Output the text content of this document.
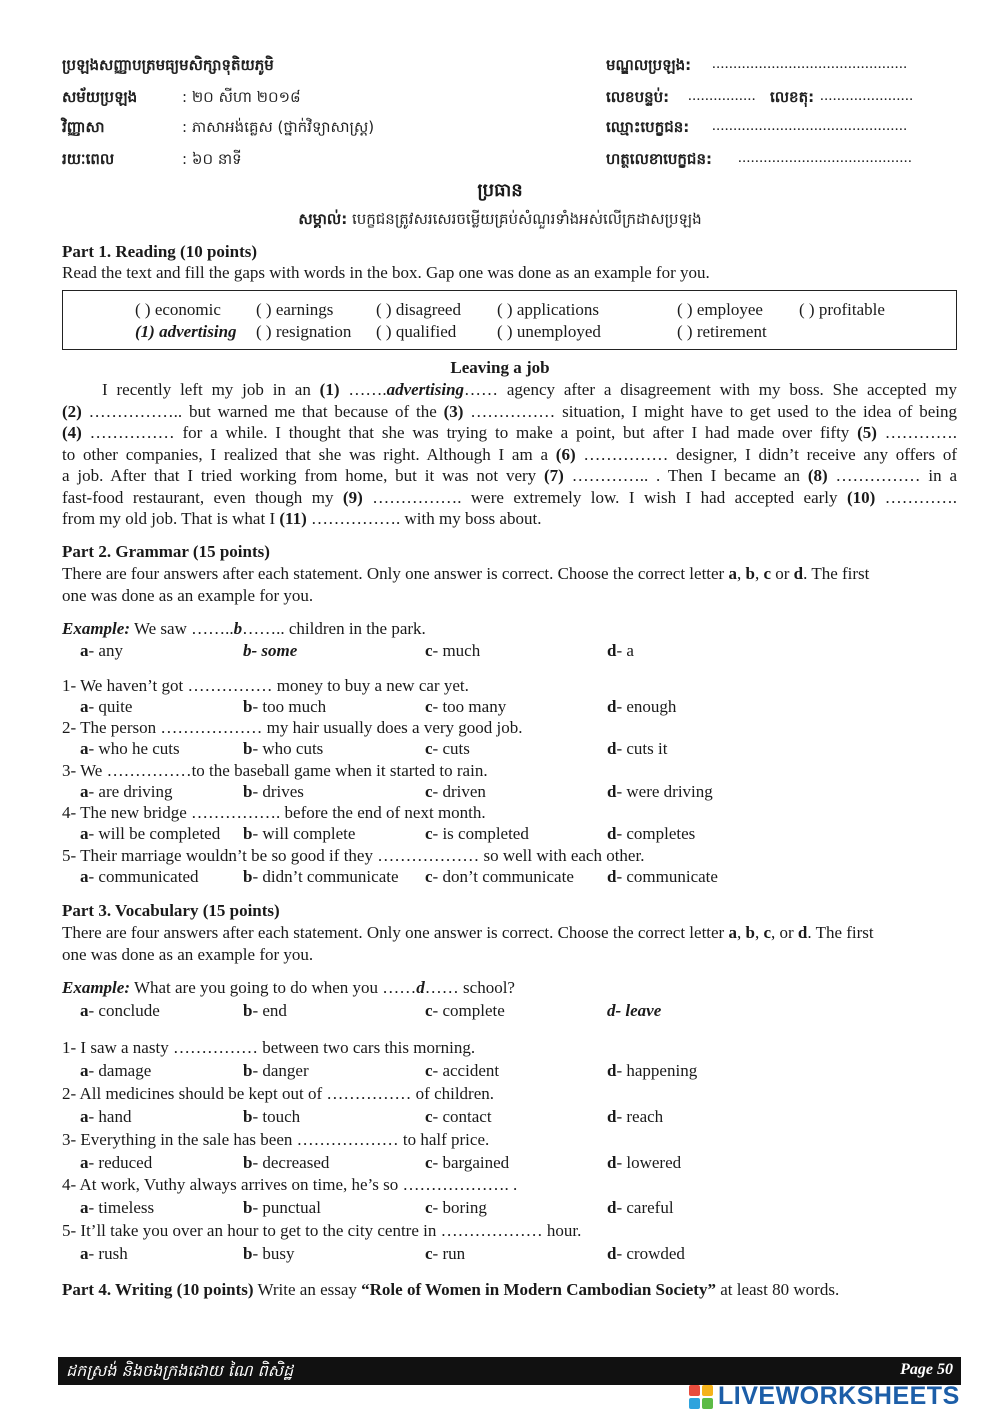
ប្រឡងសញ្ញាបត្រមធ្យមសិក្សាទុតិយភូមិ
សម័យប្រឡង	: ២០ សីហា ២០១៨
វិញ្ញាសា	: ភាសាអង់គ្លេស (ថ្នាក់វិទ្យាសាស្ត្រ)
រយៈពេល	: ៦០ នាទី
មណ្ឌលប្រឡង: ..............................................
លេខបន្ទប់: ................ លេខតុ: ......................
ឈ្មោះបេក្ខជន: ..............................................
ហត្ថលេខាបេក្ខជន: .........................................
ប្រធាន
សម្គាល់: បេក្ខជនត្រូវសរសេរចម្លើយគ្រប់សំណួរទាំងអស់លើក្រដាសប្រឡង
Part 1. Reading (10 points)
Read the text and fill the gaps with words in the box. Gap one was done as an example for you.
( ) economic ( ) earnings	( ) disagreed ( ) applications	( ) employee ( ) profitable
(1) advertising ( ) resignation ( ) qualified ( ) unemployed	( ) retirement
Leaving a job
I recently left my job in an (1) …….advertising…… agency after a disagreement with my boss. She accepted my
(2) …………….. but warned me that because of the (3) …………… situation, I might have to get used to the idea of being
(4) …………… for a while. I thought that she was trying to make a point, but after I had made over fifty (5) ………….
to other companies, I realized that she was right. Although I am a (6) …………… designer, I didn’t receive any offers of
a job. After that I tried working from home, but it was not very (7) ………….. . Then I became an (8) …………… in a
fast-food restaurant, even though my (9) ……………. were extremely low. I wish I had accepted early (10) ………….
from my old job. That is what I (11) ……………. with my boss about.
Part 2. Grammar (15 points)
There are four answers after each statement. Only one answer is correct. Choose the correct letter a, b, c or d. The first
one was done as an example for you.
Example: We saw ……..b…….. children in the park.
a- any	b- some	c- much	d- a
1- We haven’t got …………… money to buy a new car yet.
a- quite	b- too much	c- too many	d- enough
2- The person ……………… my hair usually does a very good job.
a- who he cuts	b- who cuts	c- cuts	d- cuts it
3- We ……………to the baseball game when it started to rain.
a- are driving	b- drives	c- driven	d- were driving
4- The new bridge ……………. before the end of next month.
a- will be completed b- will complete	c- is completed	d- completes
5- Their marriage wouldn’t be so good if they ……………… so well with each other.
a- communicated	b- didn’t communicate c- don’t communicate d- communicate
Part 3. Vocabulary (15 points)
There are four answers after each statement. Only one answer is correct. Choose the correct letter a, b, c, or d. The first
one was done as an example for you.
Example: What are you going to do when you ……d…… school?
a- conclude	b- end	c- complete	d- leave
1- I saw a nasty …………… between two cars this morning.
a- damage	b- danger	c- accident	d- happening
2- All medicines should be kept out of …………… of children.
a- hand	b- touch	c- contact	d- reach
3- Everything in the sale has been ……………… to half price.
a- reduced	b- decreased	c- bargained	d- lowered
4- At work, Vuthy always arrives on time, he’s so ………………. .
a- timeless	b- punctual	c- boring	d- careful
5- It’ll take you over an hour to get to the city centre in ……………… hour.
a- rush	b- busy	c- run	d- crowded
Part 4. Writing (10 points) Write an essay “Role of Women in Modern Cambodian Society” at least 80 words.
ដកស្រង់ និងចងក្រងដោយ ណៃ ពិសិដ្ឋ	Page 50
LIVEWORKSHEETS
